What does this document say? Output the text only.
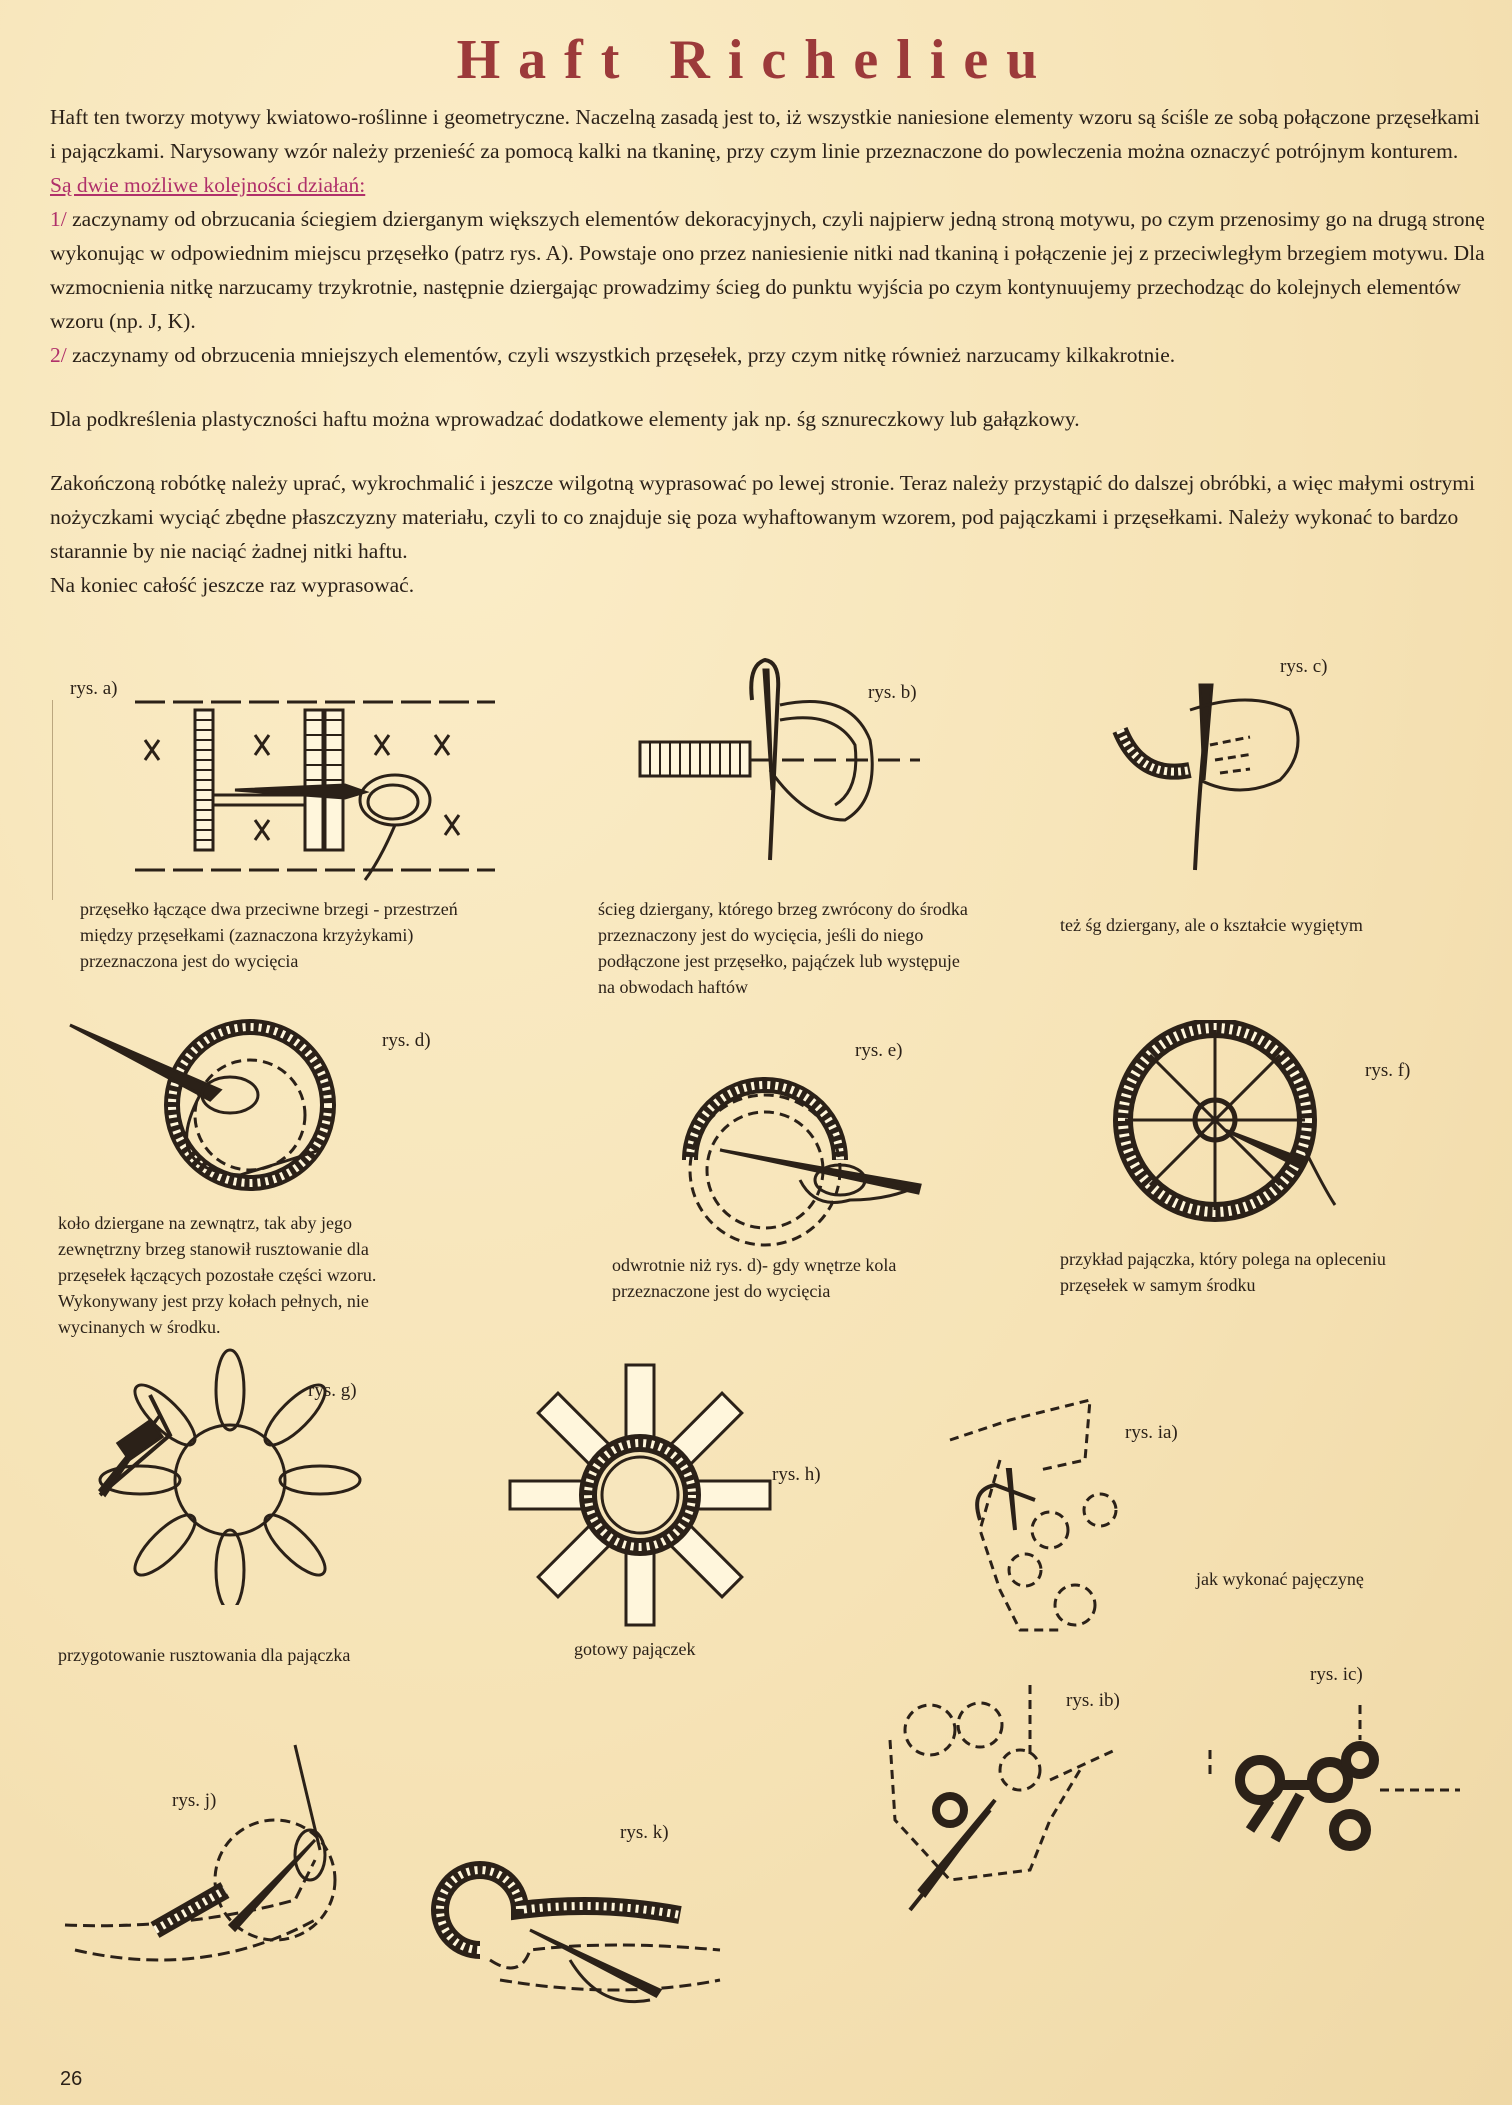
Haft Richelieu

Haft ten tworzy motywy kwiatowo-roślinne i geometryczne. Naczelną zasadą jest to, iż wszystkie naniesione elementy wzoru są ściśle ze sobą połączone przęsełkami i pajączkami. Narysowany wzór należy przenieść za pomocą kalki na tkaninę, przy czym linie przeznaczone do powleczenia można oznaczyć potrójnym konturem.

Są dwie możliwe kolejności działań:

1/ zaczynamy od obrzucania ściegiem dzierganym większych elementów dekoracyjnych, czyli najpierw jedną stroną motywu, po czym przenosimy go na drugą stronę wykonując w odpowiednim miejscu przęsełko (patrz rys. A). Powstaje ono przez naniesienie nitki nad tkaniną i połączenie jej z przeciwległym brzegiem motywu. Dla wzmocnienia nitkę narzucamy trzykrotnie, następnie dziergając prowadzimy ścieg do punktu wyjścia po czym kontynuujemy przechodząc do kolejnych elementów wzoru (np. J, K).

2/ zaczynamy od obrzucenia mniejszych elementów, czyli wszystkich przęsełek, przy czym nitkę również narzucamy kilkakrotnie.

Dla podkreślenia plastyczności haftu można wprowadzać dodatkowe elementy jak np. śg sznureczkowy lub gałązkowy.

Zakończoną robótkę należy uprać, wykrochmalić i jeszcze wilgotną wyprasować po lewej stronie. Teraz należy przystąpić do dalszej obróbki, a więc małymi ostrymi nożyczkami wyciąć zbędne płaszczyzny materiału, czyli to co znajduje się poza wyhaftowanym wzorem, pod pajączkami i przęsełkami. Należy wykonać to bardzo starannie by nie naciąć żadnej nitki haftu.

Na koniec całość jeszcze raz wyprasować.

rys. a)
przęsełko łączące dwa przeciwne brzegi - przestrzeń między przęsełkami (zaznaczona krzyżykami) przeznaczona jest do wycięcia
rys. b)
ścieg dziergany, którego brzeg zwrócony do środka przeznaczony jest do wycięcia, jeśli do niego podłączone jest przęsełko, pająćzek lub występuje na obwodach haftów
rys. c)
też śg dziergany, ale o kształcie wygiętym
rys. d)
koło dziergane na zewnątrz, tak aby jego zewnętrzny brzeg stanowił rusztowanie dla przęsełek łączących pozostałe części wzoru. Wykonywany jest przy kołach pełnych, nie wycinanych w środku.
rys. e)
odwrotnie niż rys. d)- gdy wnętrze kola przeznaczone jest do wycięcia
rys. f)
przykład pajączka, który polega na opleceniu przęsełek w samym środku
rys. g)
przygotowanie rusztowania dla pajączka
rys. h)
gotowy pajączek
rys. ia)
jak wykonać pajęczynę
rys. ib)
rys. ic)
rys. j)
rys. k)
26
